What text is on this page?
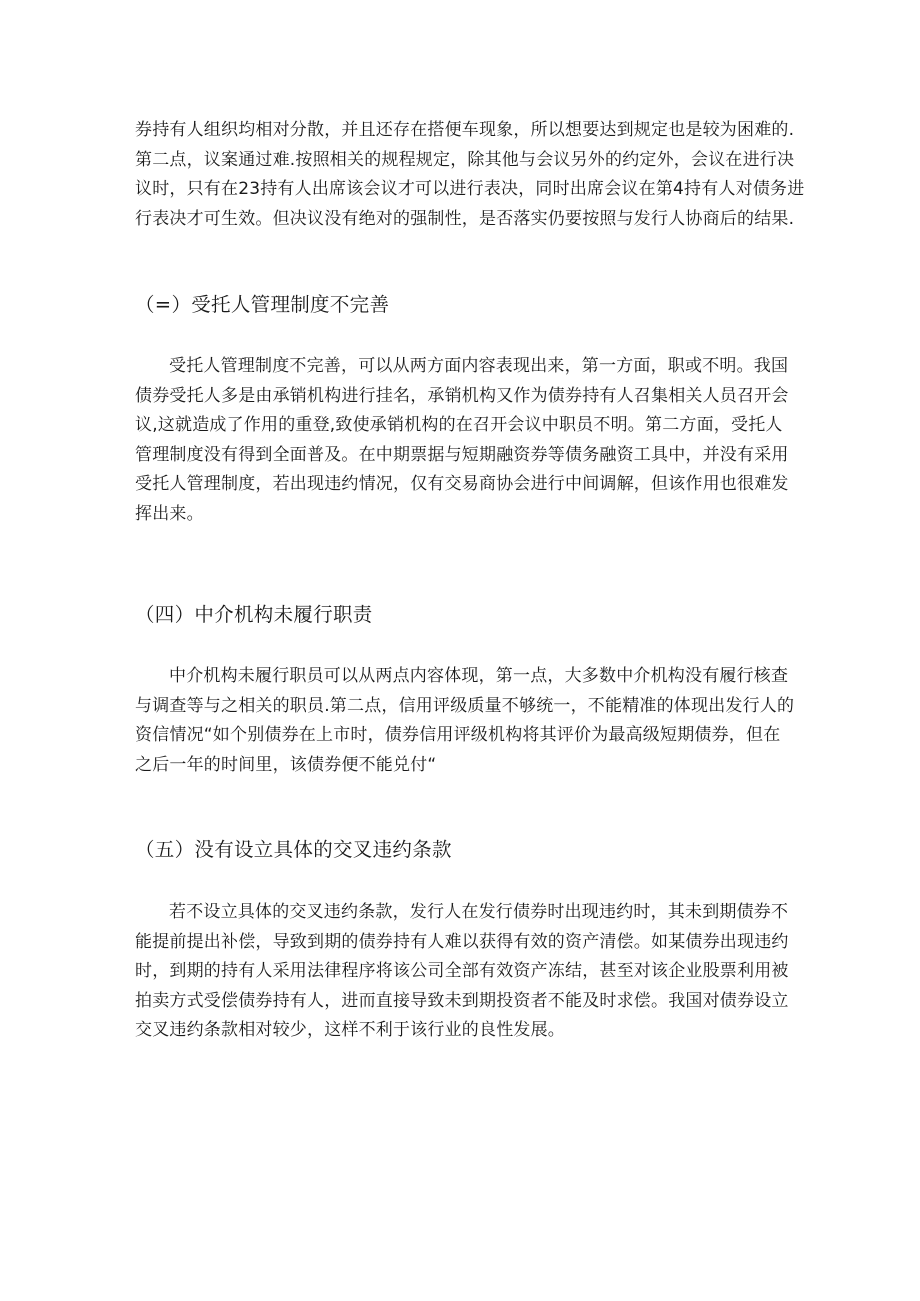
券持有人组织均相对分散，并且还存在搭便车现象，所以想要达到规定也是较为困难的.
第二点，议案通过难.按照相关的规程规定，除其他与会议另外的约定外，会议在进行决
议时，只有在23持有人出席该会议才可以进行表决，同时出席会议在第4持有人对债务进
行表决才可生效。但决议没有绝对的强制性，是否落实仍要按照与发行人协商后的结果.

（=）受托人管理制度不完善

受托人管理制度不完善，可以从两方面内容表现出来，第一方面，职或不明。我国
债券受托人多是由承销机构进行挂名，承销机构又作为债券持有人召集相关人员召开会
议,这就造成了作用的重登,致使承销机构的在召开会议中职员不明。第二方面，受托人
管理制度没有得到全面普及。在中期票据与短期融资券等债务融资工具中，并没有采用
受托人管理制度，若出现违约情况，仅有交易商协会进行中间调解，但该作用也很难发
挥出来。

（四）中介机构未履行职责

中介机构未履行职员可以从两点内容体现，第一点，大多数中介机构没有履行核查
与调查等与之相关的职员.第二点，信用评级质量不够统一，不能精准的体现出发行人的
资信情况“如个别债券在上市时，债券信用评级机构将其评价为最高级短期债券，但在
之后一年的时间里，该债券便不能兑付“

（五）没有设立具体的交叉违约条款

若不设立具体的交叉违约条款，发行人在发行债券时出现违约时，其未到期债券不
能提前提出补偿，导致到期的债券持有人难以获得有效的资产清偿。如某债券出现违约
时，到期的持有人采用法律程序将该公司全部有效资产冻结，甚至对该企业股票利用被
拍卖方式受偿债券持有人，进而直接导致未到期投资者不能及时求偿。我国对债券设立
交叉违约条款相对较少，这样不利于该行业的良性发展。
